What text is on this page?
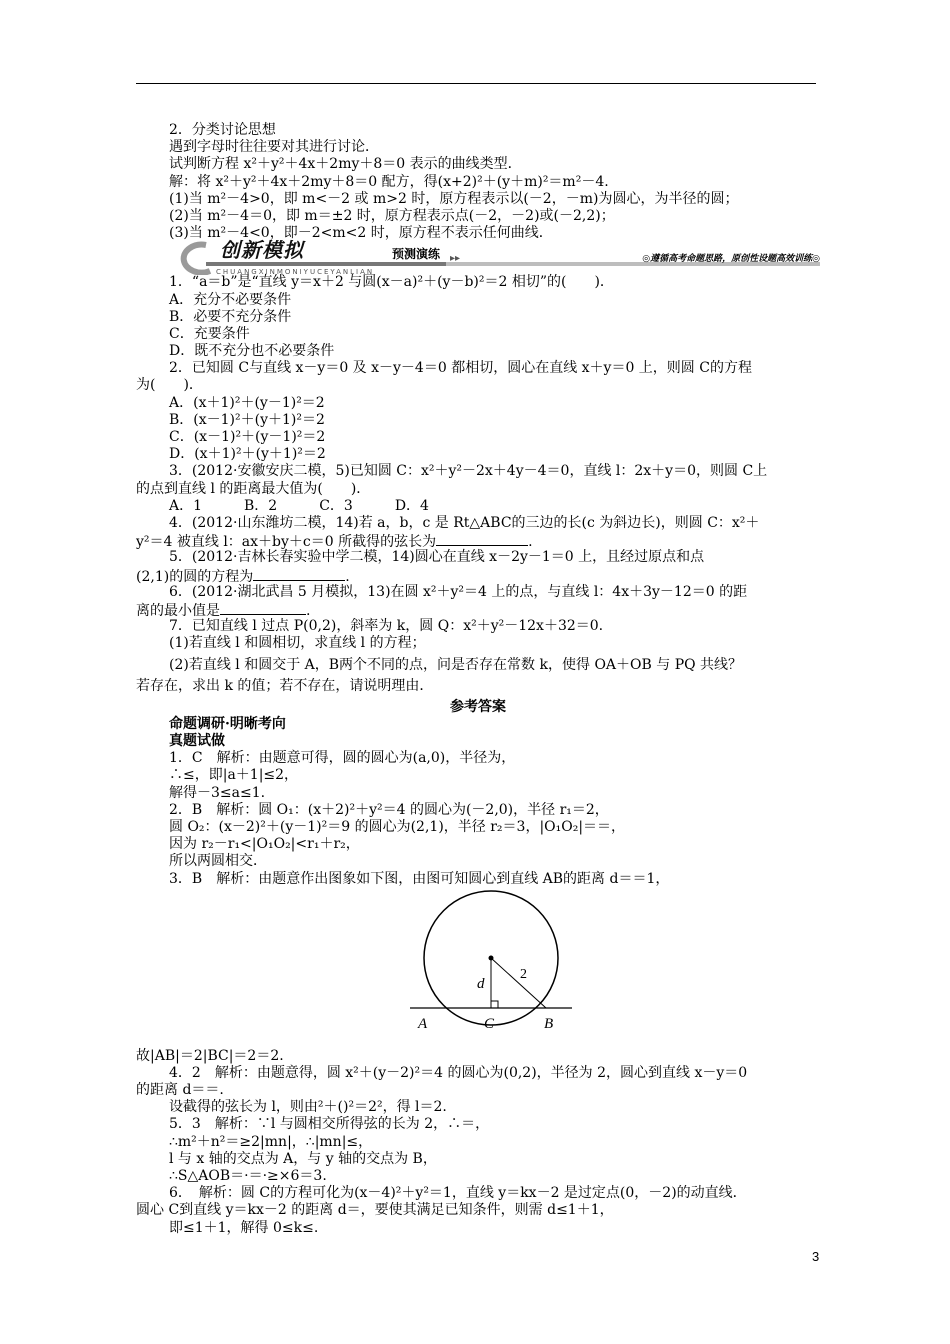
2．分类讨论思想
遇到字母时往往要对其进行讨论．
试判断方程 x²＋y²＋4x＋2my＋8＝0 表示的曲线类型．
解：将 x²＋y²＋4x＋2my＋8＝0 配方，得(x+2)²＋(y＋m)²＝m²－4.
(1)当 m²－4>0，即 m<－2 或 m>2 时，原方程表示以(－2，－m)为圆心，为半径的圆；
(2)当 m²－4＝0，即 m＝±2 时，原方程表示点(－2，－2)或(－2,2)；
(3)当 m²－4<0，即－2<m<2 时，原方程不表示任何曲线．
▸▸
创新模拟	预测演练
CHUANGXINMONIYUCEYANLIAN
◎遵循高考命题思路，原创性设题高效训练◎
1．“a＝b”是“直线 y＝x＋2 与圆(x－a)²＋(y－b)²＝2 相切”的(　　)．
A．充分不必要条件
B．必要不充分条件
C．充要条件
D．既不充分也不必要条件
2．已知圆 C与直线 x－y＝0 及 x－y－4＝0 都相切，圆心在直线 x＋y＝0 上，则圆 C的方程
为(　　)．
A．(x＋1)²＋(y－1)²＝2
B．(x－1)²＋(y＋1)²＝2
C．(x－1)²＋(y－1)²＝2
D．(x＋1)²＋(y＋1)²＝2
3．(2012·安徽安庆二模，5)已知圆 C：x²＋y²－2x＋4y－4＝0，直线 l：2x＋y＝0，则圆 C上
的点到直线 l 的距离最大值为(　　)．
A．1　　　B．2　　　C．3　　　D．4
4．(2012·山东潍坊二模，14)若 a，b，c 是 Rt△ABC的三边的长(c 为斜边长)，则圆 C：x²＋
y²＝4 被直线 l：ax＋by＋c＝0 所截得的弦长为	.
5．(2012·吉林长春实验中学二模，14)圆心在直线 x－2y－1＝0 上，且经过原点和点
(2,1)的圆的方程为	.
6．(2012·湖北武昌 5 月模拟，13)在圆 x²＋y²＝4 上的点，与直线 l：4x＋3y－12＝0 的距
离的最小值是	.
7．已知直线 l 过点 P(0,2)，斜率为 k，圆 Q：x²＋y²－12x＋32＝0.
(1)若直线 l 和圆相切，求直线 l 的方程；
(2)若直线 l 和圆交于 A，B两个不同的点，问是否存在常数 k，使得 OA＋OB 与 PQ 共线？
若存在，求出 k 的值；若不存在，请说明理由．
参考答案
命题调研·明晰考向
真题试做
1．C　解析：由题意可得，圆的圆心为(a,0)，半径为，
∴≤，即|a＋1|≤2，
解得－3≤a≤1.
2．B　解析：圆 O₁：(x＋2)²＋y²＝4 的圆心为(－2,0)，半径 r₁＝2，
圆 O₂：(x－2)²＋(y－1)²＝9 的圆心为(2,1)，半径 r₂＝3，|O₁O₂|＝＝，
因为 r₂－r₁<|O₁O₂|<r₁＋r₂，
所以两圆相交．
3．B　解析：由题意作出图象如下图，由图可知圆心到直线 AB的距离 d＝＝1，
d
2
A	C	B
故|AB|＝2|BC|＝2＝2.
4．2　解析：由题意得，圆 x²＋(y－2)²＝4 的圆心为(0,2)，半径为 2，圆心到直线 x－y＝0
的距离 d＝＝.
设截得的弦长为 l，则由²＋()²＝2²，得 l＝2.
5．3　解析：∵l 与圆相交所得弦的长为 2，∴＝，
∴m²＋n²＝≥2|mn|，∴|mn|≤，
l 与 x 轴的交点为 A，与 y 轴的交点为 B，
∴S△AOB＝·＝·≥×6＝3.
6．　解析：圆 C的方程可化为(x－4)²＋y²＝1，直线 y＝kx－2 是过定点(0，－2)的动直线．
圆心 C到直线 y＝kx－2 的距离 d＝，要使其满足已知条件，则需 d≤1＋1，
即≤1＋1，解得 0≤k≤.
3
